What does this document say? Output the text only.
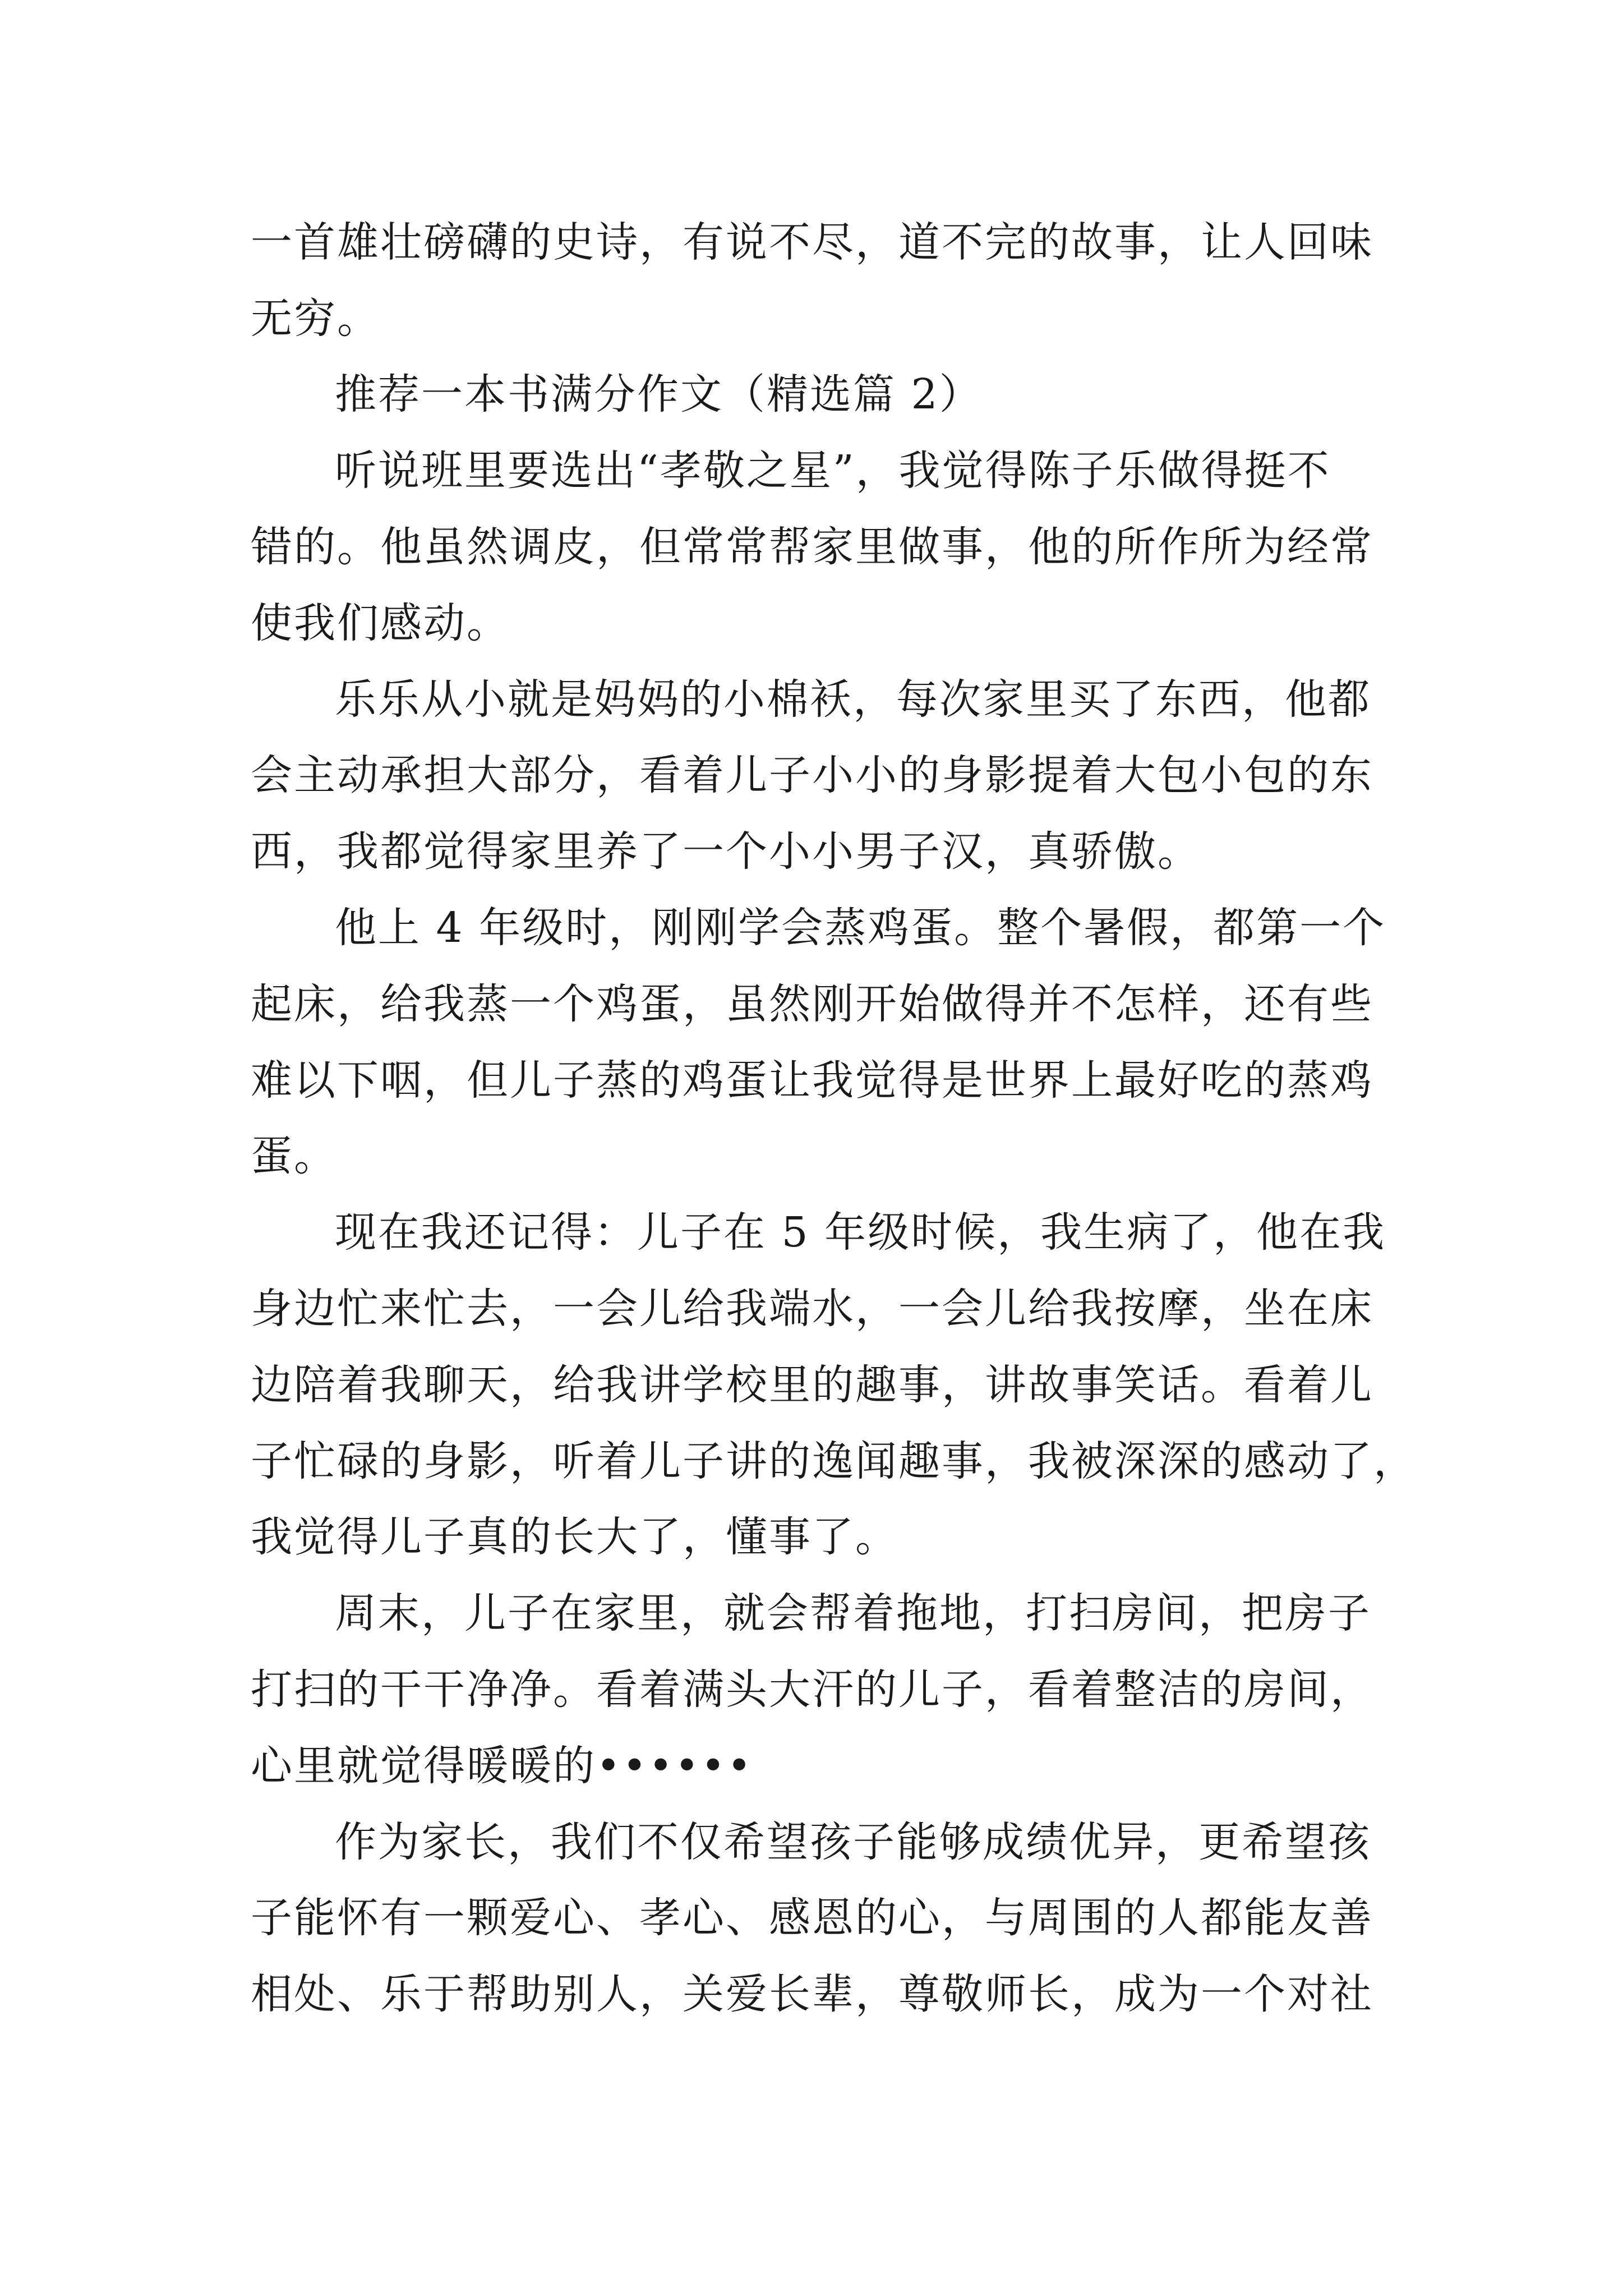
一首雄壮磅礴的史诗，有说不尽，道不完的故事，让人回味
无穷。
推荐一本书满分作文（精选篇 2）
听说班里要选出“孝敬之星”，我觉得陈子乐做得挺不
错的。他虽然调皮，但常常帮家里做事，他的所作所为经常
使我们感动。
乐乐从小就是妈妈的小棉袄，每次家里买了东西，他都
会主动承担大部分，看着儿子小小的身影提着大包小包的东
西，我都觉得家里养了一个小小男子汉，真骄傲。
他上 4 年级时，刚刚学会蒸鸡蛋。整个暑假，都第一个
起床，给我蒸一个鸡蛋，虽然刚开始做得并不怎样，还有些
难以下咽，但儿子蒸的鸡蛋让我觉得是世界上最好吃的蒸鸡
蛋。
现在我还记得：儿子在 5 年级时候，我生病了，他在我
身边忙来忙去，一会儿给我端水，一会儿给我按摩，坐在床
边陪着我聊天，给我讲学校里的趣事，讲故事笑话。看着儿
子忙碌的身影，听着儿子讲的逸闻趣事，我被深深的感动了，
我觉得儿子真的长大了，懂事了。
周末，儿子在家里，就会帮着拖地，打扫房间，把房子
打扫的干干净净。看着满头大汗的儿子，看着整洁的房间，
心里就觉得暖暖的••••••
作为家长，我们不仅希望孩子能够成绩优异，更希望孩
子能怀有一颗爱心、孝心、感恩的心，与周围的人都能友善
相处、乐于帮助别人，关爱长辈，尊敬师长，成为一个对社
